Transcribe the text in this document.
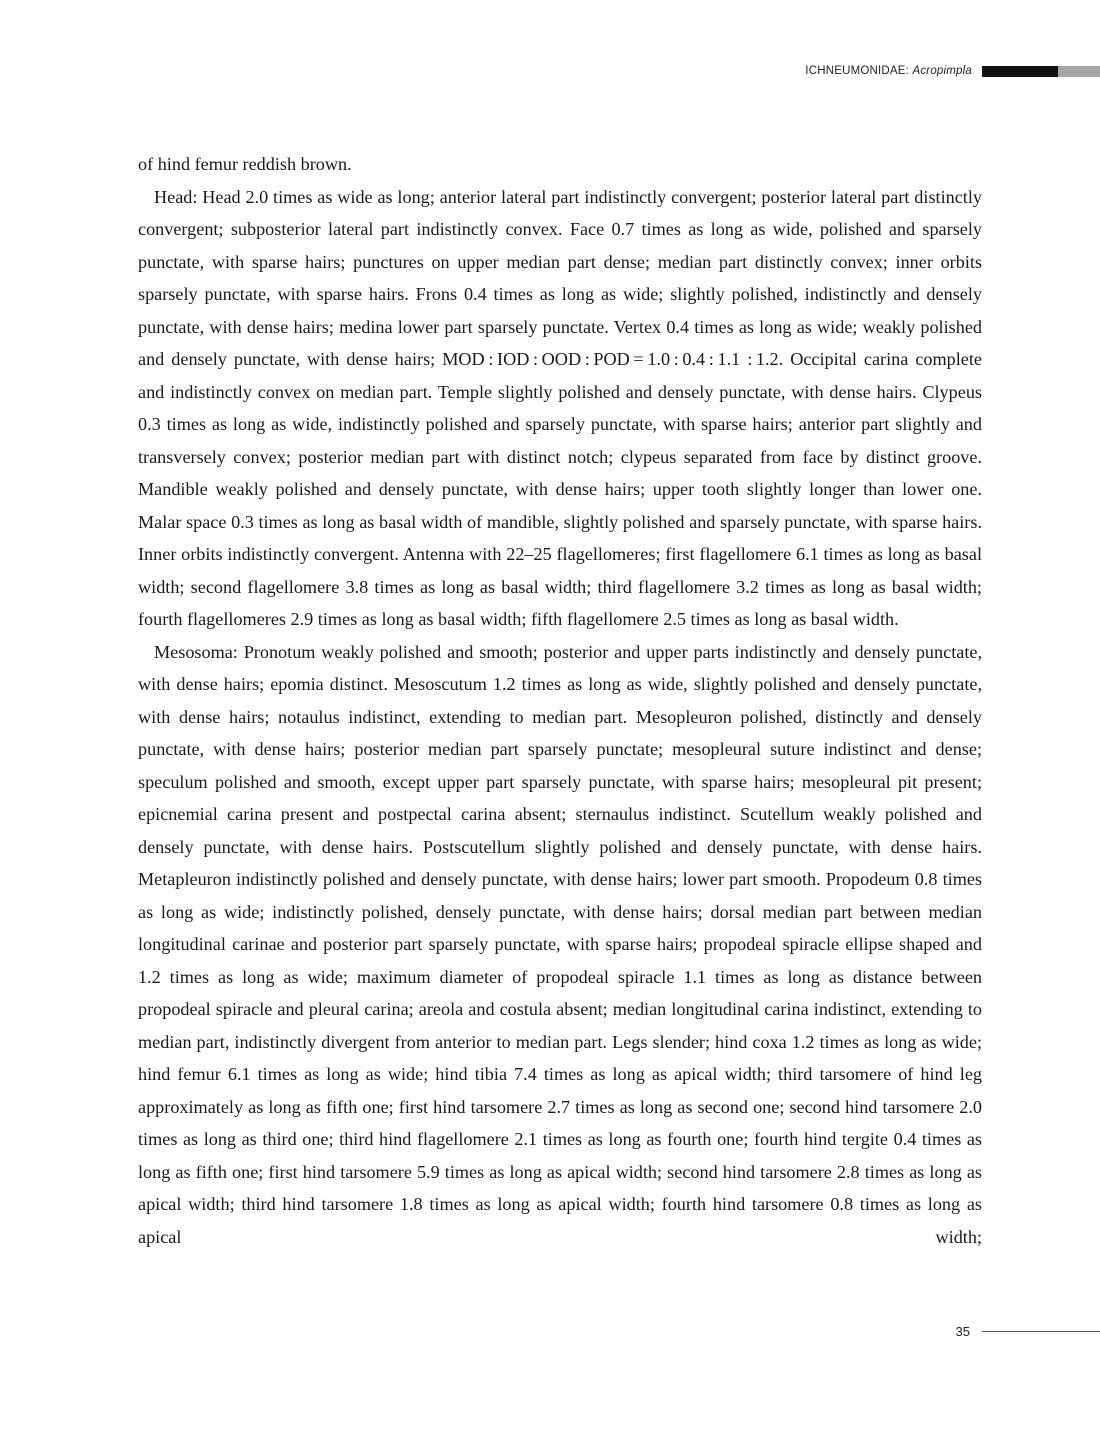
ICHNEUMONIDAE: Acropimpla

of hind femur reddish brown.

Head: Head 2.0 times as wide as long; anterior lateral part indistinctly convergent; posterior lateral part distinctly convergent; subposterior lateral part indistinctly convex. Face 0.7 times as long as wide, polished and sparsely punctate, with sparse hairs; punctures on upper median part dense; median part distinctly convex; inner orbits sparsely punctate, with sparse hairs. Frons 0.4 times as long as wide; slightly polished, indistinctly and densely punctate, with dense hairs; medina lower part sparsely punctate. Vertex 0.4 times as long as wide; weakly polished and densely punctate, with dense hairs; MOD : IOD : OOD : POD = 1.0 : 0.4 : 1.1 : 1.2. Occipital carina complete and indistinctly convex on median part. Temple slightly polished and densely punctate, with dense hairs. Clypeus 0.3 times as long as wide, indistinctly polished and sparsely punctate, with sparse hairs; anterior part slightly and transversely convex; posterior median part with distinct notch; clypeus separated from face by distinct groove. Mandible weakly polished and densely punctate, with dense hairs; upper tooth slightly longer than lower one. Malar space 0.3 times as long as basal width of mandible, slightly polished and sparsely punctate, with sparse hairs. Inner orbits indistinctly convergent. Antenna with 22–25 flagellomeres; first flagellomere 6.1 times as long as basal width; second flagellomere 3.8 times as long as basal width; third flagellomere 3.2 times as long as basal width; fourth flagellomeres 2.9 times as long as basal width; fifth flagellomere 2.5 times as long as basal width.

Mesosoma: Pronotum weakly polished and smooth; posterior and upper parts indistinctly and densely punctate, with dense hairs; epomia distinct. Mesoscutum 1.2 times as long as wide, slightly polished and densely punctate, with dense hairs; notaulus indistinct, extending to median part. Mesopleuron polished, distinctly and densely punctate, with dense hairs; posterior median part sparsely punctate; mesopleural suture indistinct and dense; speculum polished and smooth, except upper part sparsely punctate, with sparse hairs; mesopleural pit present; epicnemial carina present and postpectal carina absent; sternaulus indistinct. Scutellum weakly polished and densely punctate, with dense hairs. Postscutellum slightly polished and densely punctate, with dense hairs. Metapleuron indistinctly polished and densely punctate, with dense hairs; lower part smooth. Propodeum 0.8 times as long as wide; indistinctly polished, densely punctate, with dense hairs; dorsal median part between median longitudinal carinae and posterior part sparsely punctate, with sparse hairs; propodeal spiracle ellipse shaped and 1.2 times as long as wide; maximum diameter of propodeal spiracle 1.1 times as long as distance between propodeal spiracle and pleural carina; areola and costula absent; median longitudinal carina indistinct, extending to median part, indistinctly divergent from anterior to median part. Legs slender; hind coxa 1.2 times as long as wide; hind femur 6.1 times as long as wide; hind tibia 7.4 times as long as apical width; third tarsomere of hind leg approximately as long as fifth one; first hind tarsomere 2.7 times as long as second one; second hind tarsomere 2.0 times as long as third one; third hind flagellomere 2.1 times as long as fourth one; fourth hind tergite 0.4 times as long as fifth one; first hind tarsomere 5.9 times as long as apical width; second hind tarsomere 2.8 times as long as apical width; third hind tarsomere 1.8 times as long as apical width; fourth hind tarsomere 0.8 times as long as apical width;

35
